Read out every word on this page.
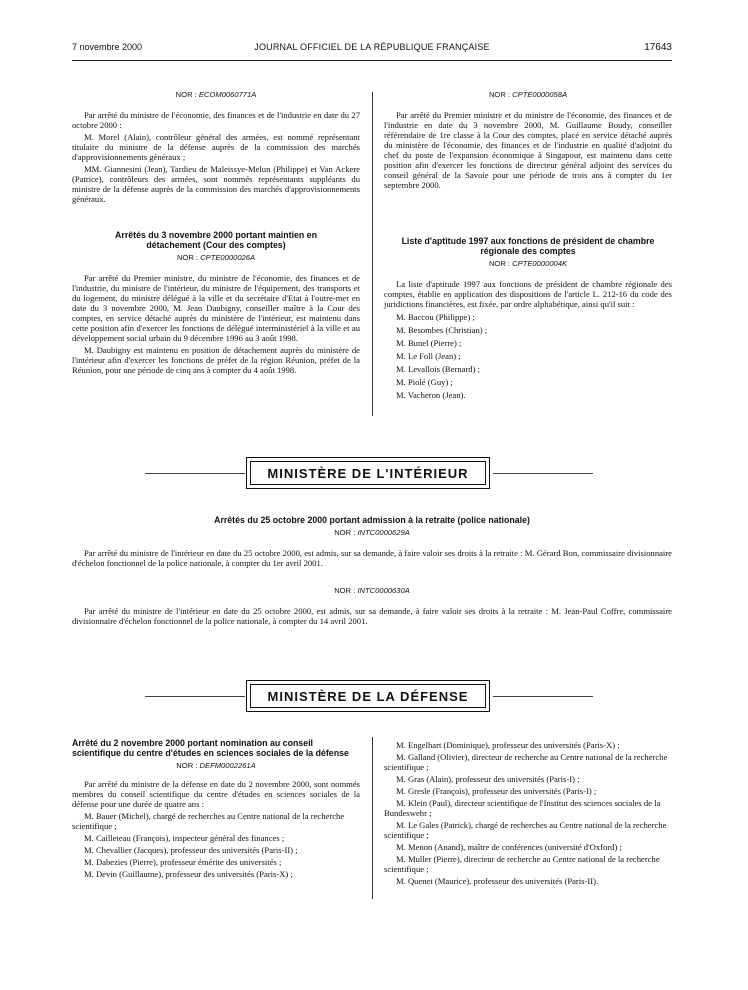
7 novembre 2000	JOURNAL OFFICIEL DE LA RÉPUBLIQUE FRANÇAISE	17643
NOR : ECOM0060771A

Par arrêté du ministre de l'économie, des finances et de l'industrie en date du 27 octobre 2000 :

M. Morel (Alain), contrôleur général des armées, est nommé représentant titulaire du ministre de la défense auprès de la commission des marchés d'approvisionnements généraux ;

MM. Giannesini (Jean), Tardieu de Maleissye-Melun (Philippe) et Van Ackere (Patrice), contrôleurs des armées, sont nommés représentants suppléants du ministre de la défense auprès de la commission des marchés d'approvisionnements généraux.

Arrêtés du 3 novembre 2000 portant maintien en détachement (Cour des comptes)
NOR : CPTE0000026A

Par arrêté du Premier ministre, du ministre de l'économie, des finances et de l'industrie, du ministre de l'intérieur, du ministre de l'équipement, des transports et du logement, du ministre délégué à la ville et du secrétaire d'Etat à l'outre-mer en date du 3 novembre 2000, M. Jean Daubigny, conseiller maître à la Cour des comptes, en service détaché auprès du ministère de l'intérieur, est maintenu dans cette position afin d'exercer les fonctions de délégué interministériel à la ville et au développement social urbain du 9 décembre 1996 au 3 août 1998.

M. Daubigny est maintenu en position de détachement auprès du ministère de l'intérieur afin d'exercer les fonctions de préfet de la région Réunion, préfet de la Réunion, pour une période de cinq ans à compter du 4 août 1998.

NOR : CPTE0000058A

Par arrêté du Premier ministre et du ministre de l'économie, des finances et de l'industrie en date du 3 novembre 2000, M. Guillaume Boudy, conseiller référendaire de 1re classe à la Cour des comptes, placé en service détaché auprès du ministère de l'économie, des finances et de l'industrie en qualité d'adjoint du chef du poste de l'expansion économique à Singapour, est maintenu dans cette position afin d'exercer les fonctions de directeur général adjoint des services du conseil général de la Savoie pour une période de trois ans à compter du 1er septembre 2000.

Liste d'aptitude 1997 aux fonctions de président de chambre régionale des comptes
NOR : CPTE0000004K

La liste d'aptitude 1997 aux fonctions de président de chambre régionale des comptes, établie en application des dispositions de l'article L. 212-16 du code des juridictions financières, est fixée, par ordre alphabétique, ainsi qu'il suit :

M. Baccou (Philippe) ;
M. Besombes (Christian) ;
M. Bunel (Pierre) ;
M. Le Foll (Jean) ;
M. Levallois (Bernard) ;
M. Piolé (Guy) ;
M. Vacheron (Jean).
MINISTÈRE DE L'INTÉRIEUR
Arrêtés du 25 octobre 2000 portant admission à la retraite (police nationale)
NOR : INTC0000629A

Par arrêté du ministre de l'intérieur en date du 25 octobre 2000, est admis, sur sa demande, à faire valoir ses droits à la retraite : M. Gérard Bon, commissaire divisionnaire d'échelon fonctionnel de la police nationale, à compter du 1er avril 2001.

NOR : INTC0000630A

Par arrêté du ministre de l'intérieur en date du 25 octobre 2000, est admis, sur sa demande, à faire valoir ses droits à la retraite : M. Jean-Paul Coffre, commissaire divisionnaire d'échelon fonctionnel de la police nationale, à compter du 14 avril 2001.

MINISTÈRE DE LA DÉFENSE
Arrêté du 2 novembre 2000 portant nomination au conseil scientifique du centre d'études en sciences sociales de la défense
NOR : DEFM0002261A

Par arrêté du ministre de la défense en date du 2 novembre 2000, sont nommés membres du conseil scientifique du centre d'études en sciences sociales de la défense pour une durée de quatre ans :

M. Bauer (Michel), chargé de recherches au Centre national de la recherche scientifique ;
M. Cailleteau (François), inspecteur général des finances ;
M. Chevallier (Jacques), professeur des universités (Paris-II) ;
M. Dabezies (Pierre), professeur émérite des universités ;
M. Devin (Guillaume), professeur des universités (Paris-X) ;
M. Engelhart (Dominique), professeur des universités (Paris-X) ;
M. Galland (Olivier), directeur de recherche au Centre national de la recherche scientifique ;
M. Gras (Alain), professeur des universités (Paris-I) ;
M. Gresle (François), professeur des universités (Paris-I) ;
M. Klein (Paul), directeur scientifique de l'Institut des sciences sociales de la Bundeswehr ;
M. Le Gales (Patrick), chargé de recherches au Centre national de la recherche scientifique ;
M. Menon (Anand), maître de conférences (université d'Oxford) ;
M. Muller (Pierre), directeur de recherche au Centre national de la recherche scientifique ;
M. Quenet (Maurice), professeur des universités (Paris-II).
